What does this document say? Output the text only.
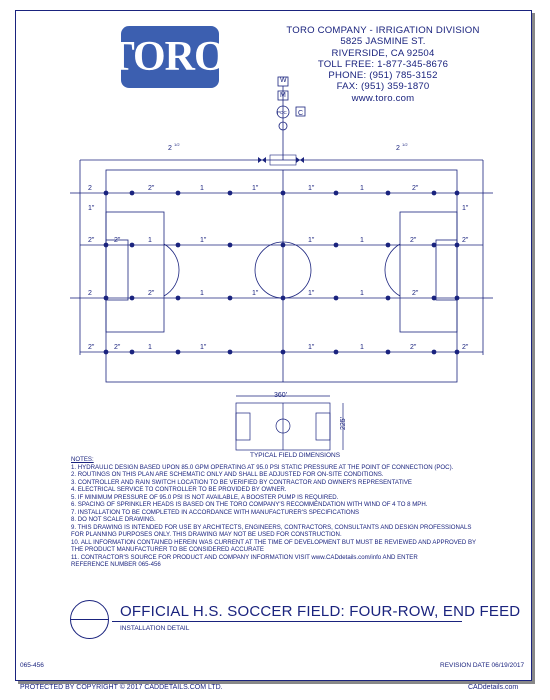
TORO ®
TORO COMPANY - IRRIGATION DIVISION
5825 JASMINE ST.
RIVERSIDE, CA 92504
TOLL FREE: 1-877-345-8676
PHONE: (951) 785-3152
FAX: (951) 359-1870
www.toro.com
W
M
POC C
2
1/2
2
1/2
2	2"	1	1"	1"	1	2"
1"	1"
2"	2"	1	1"	1"	1	2"	2"
2	2"	1	1"	1"	1	2"
2"	2"	1	1"	1"	1	2"	2"
360'
225'
TYPICAL FIELD DIMENSIONS
NOTES:
1. HYDRAULIC DESIGN BASED UPON 85.0 GPM OPERATING AT 95.0 PSI STATIC PRESSURE AT THE POINT OF CONNECTION (POC).
2. ROUTINGS ON THIS PLAN ARE SCHEMATIC ONLY AND SHALL BE ADJUSTED FOR ON-SITE CONDITIONS.
3. CONTROLLER AND RAIN SWITCH LOCATION TO BE VERIFIED BY CONTRACTOR AND OWNER'S REPRESENTATIVE
4. ELECTRICAL SERVICE TO CONTROLLER TO BE PROVIDED BY OWNER.
5. IF MINIMUM PRESSURE OF 95.0 PSI IS NOT AVAILABLE, A BOOSTER PUMP IS REQUIRED.
6. SPACING OF SPRINKLER HEADS IS BASED ON THE TORO COMPANY'S RECOMMENDATION WITH WIND OF 4 TO 8 MPH.
7. INSTALLATION TO BE COMPLETED IN ACCORDANCE WITH MANUFACTURER'S SPECIFICATIONS
8. DO NOT SCALE DRAWING.
9. THIS DRAWING IS INTENDED FOR USE BY ARCHITECTS, ENGINEERS, CONTRACTORS, CONSULTANTS AND DESIGN PROFESSIONALS
FOR PLANNING PURPOSES ONLY. THIS DRAWING MAY NOT BE USED FOR CONSTRUCTION.
10. ALL INFORMATION CONTAINED HEREIN WAS CURRENT AT THE TIME OF DEVELOPMENT BUT MUST BE REVIEWED AND APPROVED BY
THE PRODUCT MANUFACTURER TO BE CONSIDERED ACCURATE
11. CONTRACTOR'S SOURCE FOR PRODUCT AND COMPANY INFORMATION VISIT www.CADdetails.com/info AND ENTER
REFERENCE NUMBER 065-456
OFFICIAL H.S. SOCCER FIELD: FOUR-ROW, END FEED
INSTALLATION DETAIL
065-456	REVISION DATE 06/19/2017
PROTECTED BY COPYRIGHT © 2017 CADDETAILS.COM LTD.	CADdetails.com
